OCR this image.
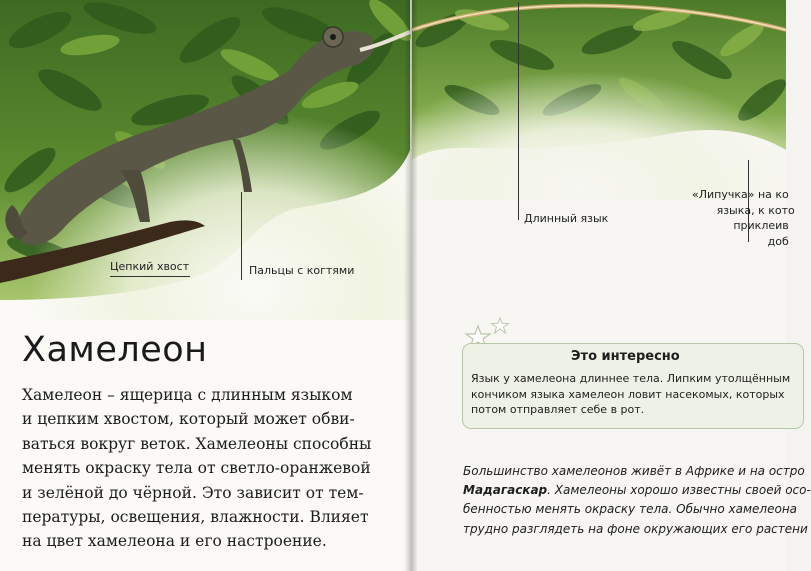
Цепкий хвост	Пальцы с когтями
Хамелеон
Хамелеон – ящерица с длинным языком
и цепким хвостом, который может обви-
ваться вокруг веток. Хамелеоны способны
менять окраску тела от светло-оранжевой
и зелёной до чёрной. Это зависит от тем-
пературы, освещения, влажности. Влияет
на цвет хамелеона и его настроение.
Длинный язык
«Липучка» на ко
языка, к кото
приклеив
доб
Это интересно
Язык у хамелеона длиннее тела. Липким утолщённым
кончиком языка хамелеон ловит насекомых, которых
потом отправляет себе в рот.
Большинство хамелеонов живёт в Африке и на остро
Мадагаскар. Хамелеоны хорошо известны своей осо-
бенностью менять окраску тела. Обычно хамелеона
трудно разглядеть на фоне окружающих его растени
